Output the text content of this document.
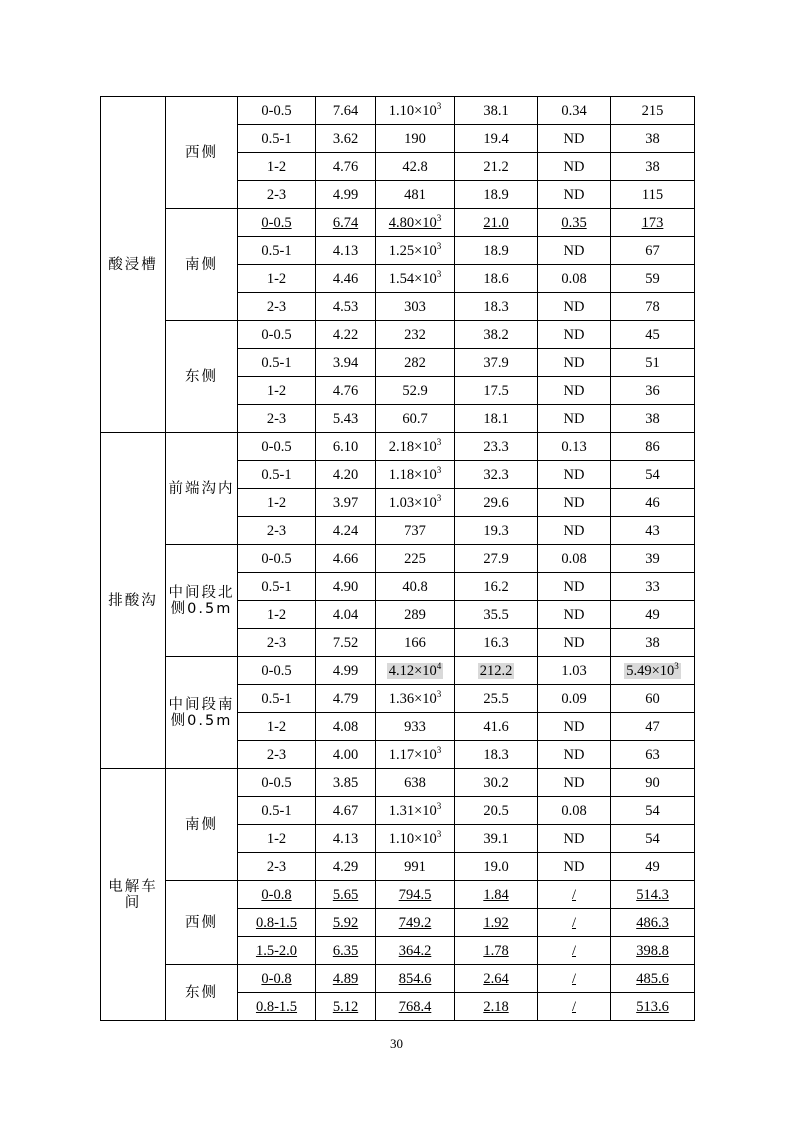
酸浸槽	西侧	0-0.5	7.64	$1.10\times 10^3$	38.1	0.34	215
		0.5-1	3.62	190	19.4	ND	38
		1-2	4.76	42.8	21.2	ND	38
		2-3	4.99	481	18.9	ND	115
	南侧	0-0.5	6.74	$4.80\times 10^3$	21.0	0.35	173
		0.5-1	4.13	$1.25\times 10^3$	18.9	ND	67
		1-2	4.46	$1.54\times 10^3$	18.6	0.08	59
		2-3	4.53	303	18.3	ND	78
	东侧	0-0.5	4.22	232	38.2	ND	45
		0.5-1	3.94	282	37.9	ND	51
		1-2	4.76	52.9	17.5	ND	36
		2-3	5.43	60.7	18.1	ND	38
排酸沟	前端沟内	0-0.5	6.10	$2.18\times 10^3$	23.3	0.13	86
		0.5-1	4.20	$1.18\times 10^3$	32.3	ND	54
		1-2	3.97	$1.03\times 10^3$	29.6	ND	46
		2-3	4.24	737	19.3	ND	43
	中间段北侧0.5m	0-0.5	4.66	225	27.9	0.08	39
		0.5-1	4.90	40.8	16.2	ND	33
		1-2	4.04	289	35.5	ND	49
		2-3	7.52	166	16.3	ND	38
	中间段南侧0.5m	0-0.5	4.99	$4.12\times 10^4$	212.2	1.03	$5.49\times 10^3$
		0.5-1	4.79	$1.36\times 10^3$	25.5	0.09	60
		1-2	4.08	933	41.6	ND	47
		2-3	4.00	$1.17\times 10^3$	18.3	ND	63
电解车间	南侧	0-0.5	3.85	638	30.2	ND	90
		0.5-1	4.67	$1.31\times 10^3$	20.5	0.08	54
		1-2	4.13	$1.10\times 10^3$	39.1	ND	54
		2-3	4.29	991	19.0	ND	49
	西侧	0-0.8	5.65	794.5	1.84	/	514.3
		0.8-1.5	5.92	749.2	1.92	/	486.3
		1.5-2.0	6.35	364.2	1.78	/	398.8
	东侧	0-0.8	4.89	854.6	2.64	/	485.6
		0.8-1.5	5.12	768.4	2.18	/	513.6
30
